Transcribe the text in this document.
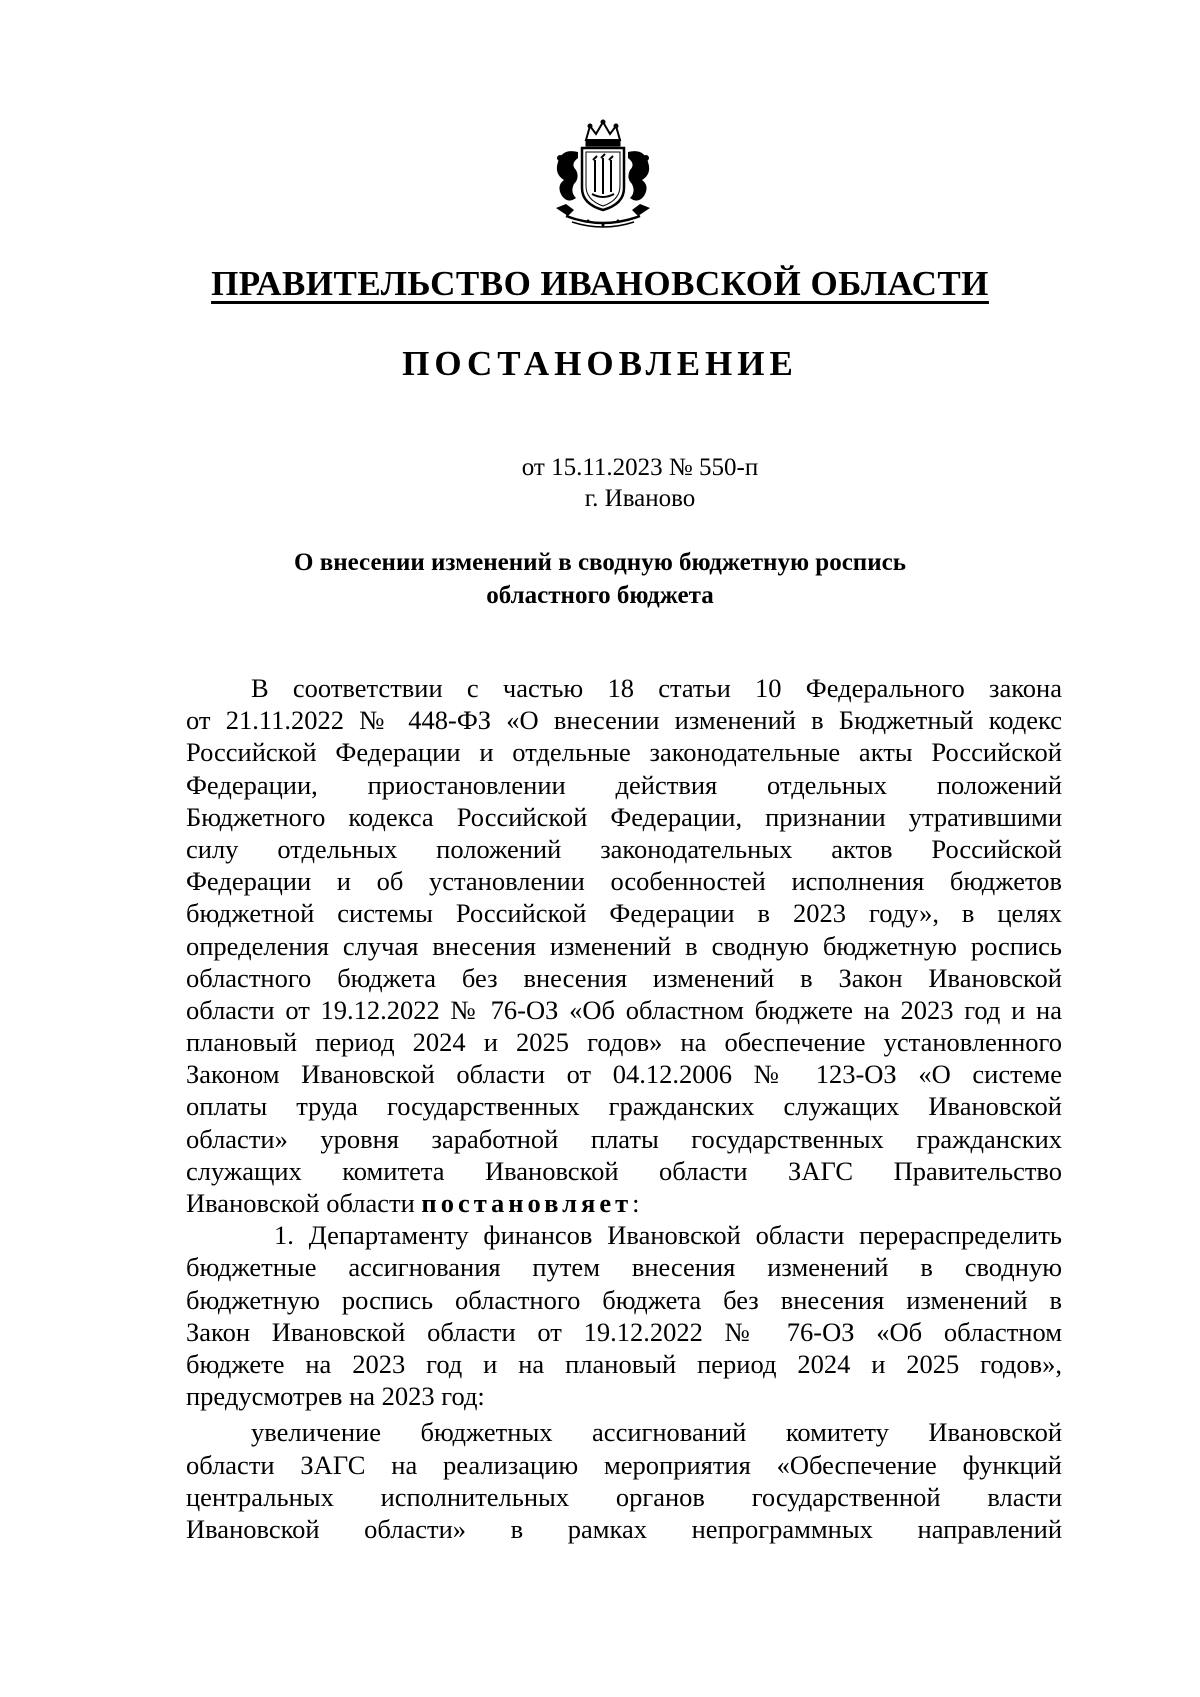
ПРАВИТЕЛЬСТВО ИВАНОВСКОЙ ОБЛАСТИ
ПОСТАНОВЛЕНИЕ
от 15.11.2023 № 550-п
г. Иваново
О внесении изменений в сводную бюджетную роспись
областного бюджета
В соответствии с частью 18 статьи 10 Федерального закона
от 21.11.2022 № 448-ФЗ «О внесении изменений в Бюджетный кодекс
Российской Федерации и отдельные законодательные акты Российской
Федерации, приостановлении действия отдельных положений
Бюджетного кодекса Российской Федерации, признании утратившими
силу отдельных положений законодательных актов Российской
Федерации и об установлении особенностей исполнения бюджетов
бюджетной системы Российской Федерации в 2023 году», в целях
определения случая внесения изменений в сводную бюджетную роспись
областного бюджета без внесения изменений в Закон Ивановской
области от 19.12.2022 № 76-ОЗ «Об областном бюджете на 2023 год и на
плановый период 2024 и 2025 годов» на обеспечение установленного
Законом Ивановской области от 04.12.2006 № 123-ОЗ «О системе
оплаты труда государственных гражданских служащих Ивановской
области» уровня заработной платы государственных гражданских
служащих комитета Ивановской области ЗАГС Правительство
Ивановской области постановляет:
1. Департаменту финансов Ивановской области перераспределить
бюджетные ассигнования путем внесения изменений в сводную
бюджетную роспись областного бюджета без внесения изменений в
Закон Ивановской области от 19.12.2022 № 76-ОЗ «Об областном
бюджете на 2023 год и на плановый период 2024 и 2025 годов»,
предусмотрев на 2023 год:
увеличение бюджетных ассигнований комитету Ивановской
области ЗАГС на реализацию мероприятия «Обеспечение функций
центральных исполнительных органов государственной власти
Ивановской области» в рамках непрограммных направлений
